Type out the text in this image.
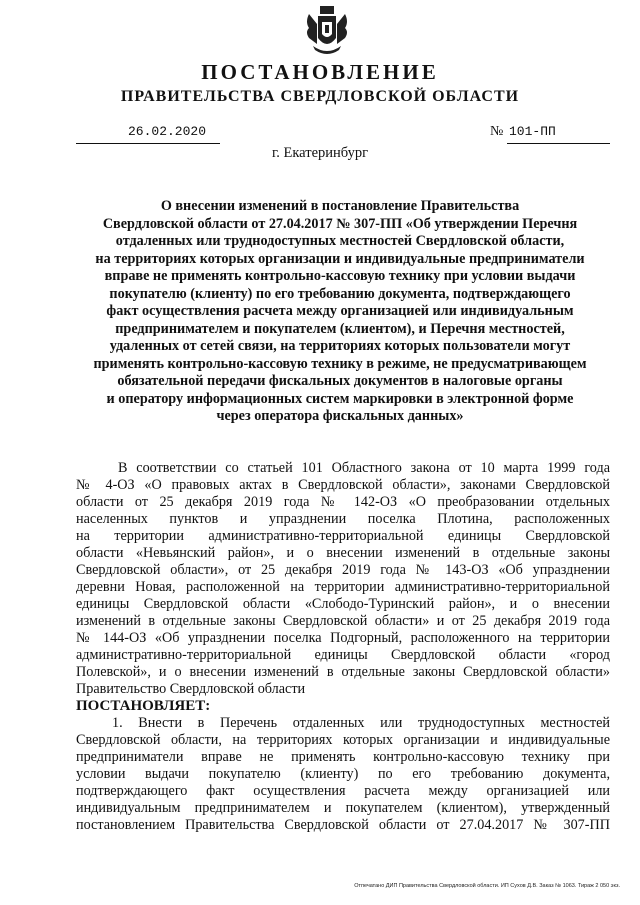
ПОСТАНОВЛЕНИЕ
ПРАВИТЕЛЬСТВА СВЕРДЛОВСКОЙ ОБЛАСТИ
26.02.2020	№ 101-ПП
г. Екатеринбург
О внесении изменений в постановление Правительства
Свердловской области от 27.04.2017 № 307-ПП «Об утверждении Перечня
отдаленных или труднодоступных местностей Свердловской области,
на территориях которых организации и индивидуальные предприниматели
вправе не применять контрольно-кассовую технику при условии выдачи
покупателю (клиенту) по его требованию документа, подтверждающего
факт осуществления расчета между организацией или индивидуальным
предпринимателем и покупателем (клиентом), и Перечня местностей,
удаленных от сетей связи, на территориях которых пользователи могут
применять контрольно-кассовую технику в режиме, не предусматривающем
обязательной передачи фискальных документов в налоговые органы
и оператору информационных систем маркировки в электронной форме
через оператора фискальных данных»
В соответствии со статьей 101 Областного закона от 10 марта 1999 года
№ 4-ОЗ «О правовых актах в Свердловской области», законами Свердловской
области от 25 декабря 2019 года № 142-ОЗ «О преобразовании отдельных
населенных пунктов и упразднении поселка Плотина, расположенных
на территории административно-территориальной единицы Свердловской
области «Невьянский район», и о внесении изменений в отдельные законы
Свердловской области», от 25 декабря 2019 года № 143-ОЗ «Об упразднении
деревни Новая, расположенной на территории административно-территориальной
единицы Свердловской области «Слободо-Туринский район», и о внесении
изменений в отдельные законы Свердловской области» и от 25 декабря 2019 года
№ 144-ОЗ «Об упразднении поселка Подгорный, расположенного на территории
административно-территориальной единицы Свердловской области «город
Полевской», и о внесении изменений в отдельные законы Свердловской области»
Правительство Свердловской области
ПОСТАНОВЛЯЕТ:
1. Внести в Перечень отдаленных или труднодоступных местностей
Свердловской области, на территориях которых организации и индивидуальные
предприниматели вправе не применять контрольно-кассовую технику при
условии выдачи покупателю (клиенту) по его требованию документа,
подтверждающего факт осуществления расчета между организацией или
индивидуальным предпринимателем и покупателем (клиентом), утвержденный
постановлением Правительства Свердловской области от 27.04.2017 № 307-ПП
Отпечатано ДИП Правительства Свердловской области. ИП Сухов Д.В. Заказ № 1063. Тираж 2 050 экз.
